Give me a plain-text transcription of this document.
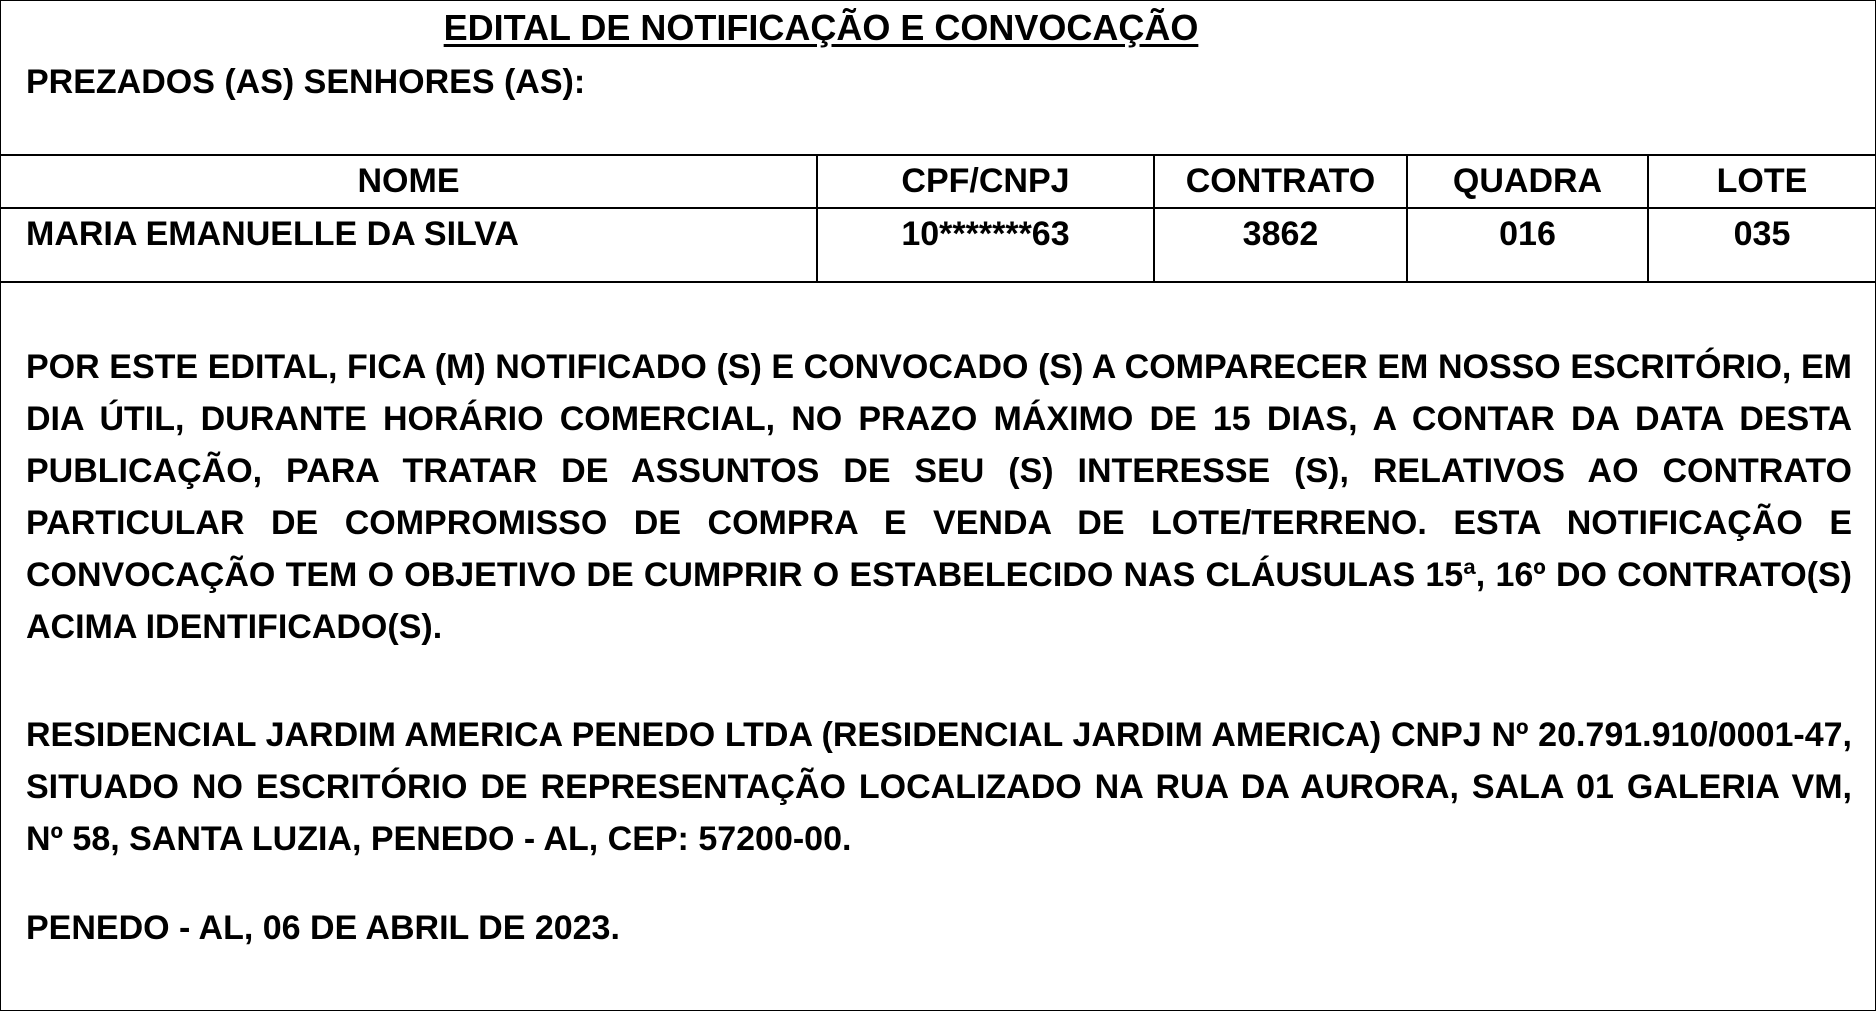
EDITAL DE NOTIFICAÇÃO E CONVOCAÇÃO
PREZADOS (AS) SENHORES (AS):
NOME	CPF/CNPJ	CONTRATO	QUADRA	LOTE
MARIA EMANUELLE DA SILVA	10*******63	3862	016	035

POR ESTE EDITAL, FICA (M) NOTIFICADO (S) E CONVOCADO (S) A COMPARECER EM NOSSO ESCRITÓRIO, EM DIA ÚTIL, DURANTE HORÁRIO COMERCIAL, NO PRAZO MÁXIMO DE 15 DIAS, A CONTAR DA DATA DESTA PUBLICAÇÃO, PARA TRATAR DE ASSUNTOS DE SEU (S) INTERESSE (S), RELATIVOS AO CONTRATO PARTICULAR DE COMPROMISSO DE COMPRA E VENDA DE LOTE/TERRENO. ESTA NOTIFICAÇÃO E CONVOCAÇÃO TEM O OBJETIVO DE CUMPRIR O ESTABELECIDO NAS CLÁUSULAS 15ª, 16º DO CONTRATO(S) ACIMA IDENTIFICADO(S).

RESIDENCIAL JARDIM AMERICA PENEDO LTDA (RESIDENCIAL JARDIM AMERICA) CNPJ Nº 20.791.910/0001-47, SITUADO NO ESCRITÓRIO DE REPRESENTAÇÃO LOCALIZADO NA RUA DA AURORA, SALA 01 GALERIA VM, Nº 58, SANTA LUZIA, PENEDO - AL, CEP: 57200-00.

PENEDO - AL, 06 DE ABRIL DE 2023.
